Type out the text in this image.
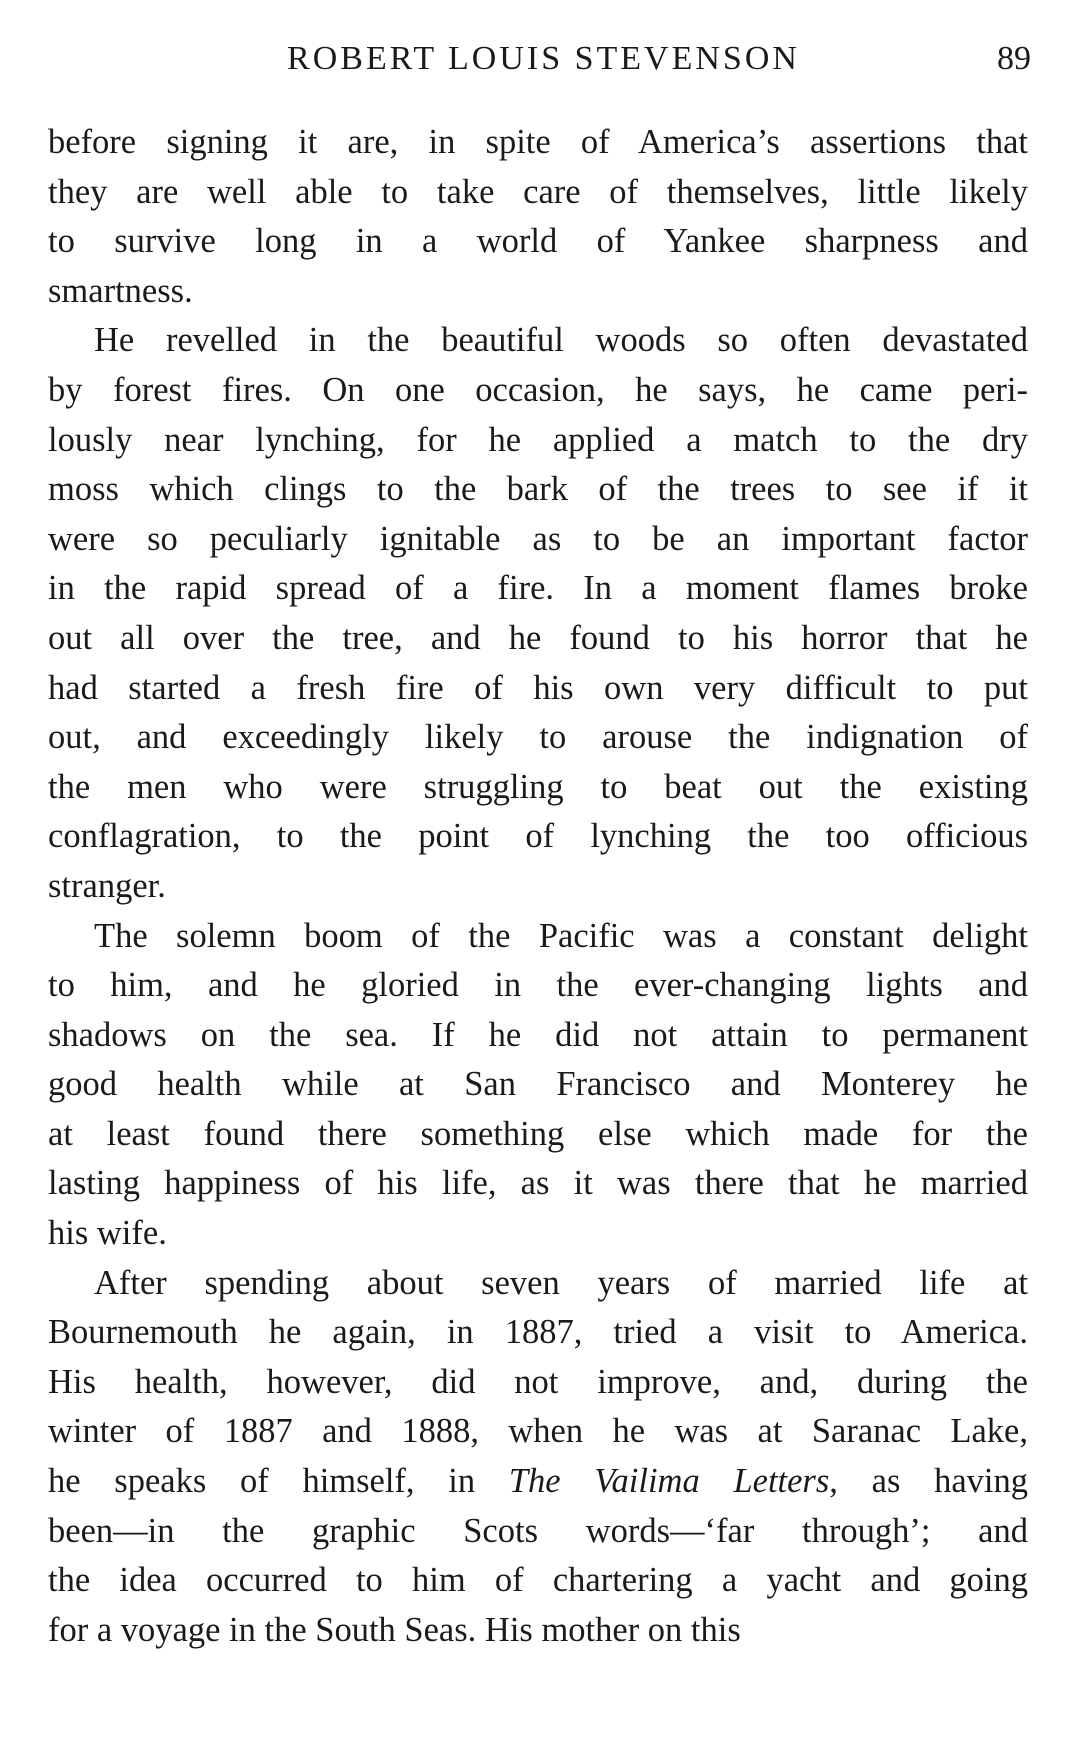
ROBERT LOUIS STEVENSON	89
before signing it are, in spite of America’s assertions that
they are well able to take care of themselves, little likely
to survive long in a world of Yankee sharpness and
smartness.
He revelled in the beautiful woods so often devastated
by forest fires. On one occasion, he says, he came peri-
lously near lynching, for he applied a match to the dry
moss which clings to the bark of the trees to see if it
were so peculiarly ignitable as to be an important factor
in the rapid spread of a fire. In a moment flames broke
out all over the tree, and he found to his horror that he
had started a fresh fire of his own very difficult to put
out, and exceedingly likely to arouse the indignation of
the men who were struggling to beat out the existing
conflagration, to the point of lynching the too officious
stranger.
The solemn boom of the Pacific was a constant delight
to him, and he gloried in the ever-changing lights and
shadows on the sea. If he did not attain to permanent
good health while at San Francisco and Monterey he
at least found there something else which made for the
lasting happiness of his life, as it was there that he married
his wife.
After spending about seven years of married life at
Bournemouth he again, in 1887, tried a visit to America.
His health, however, did not improve, and, during the
winter of 1887 and 1888, when he was at Saranac Lake,
he speaks of himself, in The Vailima Letters, as having
been—in the graphic Scots words—‘far through’; and
the idea occurred to him of chartering a yacht and going
for a voyage in the South Seas. His mother on this
